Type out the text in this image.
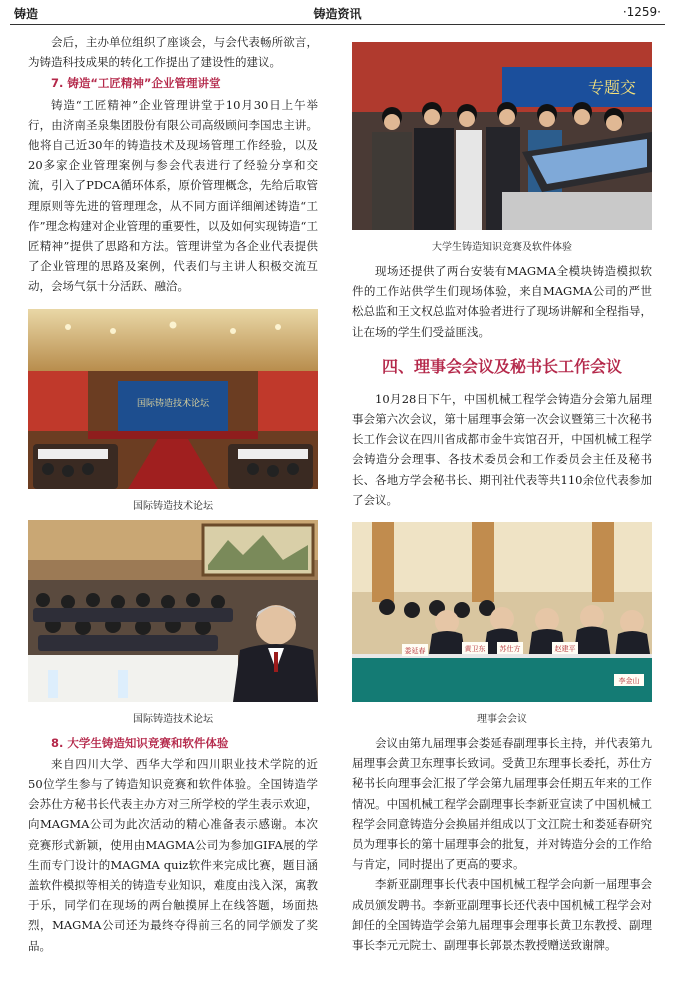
铸造	铸造资讯	·1259·

会后，主办单位组织了座谈会，与会代表畅所欲言，为铸造科技成果的转化工作提出了建设性的建议。

7. 铸造“工匠精神”企业管理讲堂

铸造“工匠精神”企业管理讲堂于10月30日上午举行，由济南圣泉集团股份有限公司高级顾问李国忠主讲。他将自己近30年的铸造技术及现场管理工作经验，以及20多家企业管理案例与参会代表进行了经验分享和交流，引入了PDCA循环体系，原价管理概念，先给后取管理原则等先进的管理理念，从不同方面详细阐述铸造“工作”理念构建对企业管理的重要性，以及如何实现铸造“工匠精神”提供了思路和方法。管理讲堂为各企业代表提供了企业管理的思路及案例，代表们与主讲人积极交流互动，会场气氛十分活跃、融洽。

国际铸造技术论坛
国际铸造技术论坛
国际铸造技术论坛
8. 大学生铸造知识竞赛和软件体验

来自四川大学、西华大学和四川职业技术学院的近50位学生参与了铸造知识竞赛和软件体验。全国铸造学会苏仕方秘书长代表主办方对三所学校的学生表示欢迎，向MAGMA公司为此次活动的精心准备表示感谢。本次竞赛形式新颖，使用由MAGMA公司为参加GIFA展的学生而专门设计的MAGMA quiz软件来完成比赛，题目涵盖软件模拟等相关的铸造专业知识，难度由浅入深，寓教于乐，同学们在现场的两台触摸屏上在线答题，场面热烈，MAGMA公司还为最终夺得前三名的同学颁发了奖品。

专题交
大学生铸造知识竞赛及软件体验

现场还提供了两台安装有MAGMA全模块铸造模拟软件的工作站供学生们现场体验，来自MAGMA公司的严世松总监和王文权总监对体验者进行了现场讲解和全程指导，让在场的学生们受益匪浅。

四、理事会会议及秘书长工作会议

10月28日下午，中国机械工程学会铸造分会第九届理事会第六次会议，第十届理事会第一次会议暨第三十次秘书长工作会议在四川省成都市金牛宾馆召开，中国机械工程学会铸造分会理事、各技术委员会和工作委员会主任及秘书长、各地方学会秘书长、期刊社代表等共110余位代表参加了会议。

娄延春	黄卫东 苏仕方	赵建平
李金山
理事会会议

会议由第九届理事会娄延春副理事长主持，并代表第九届理事会黄卫东理事长致词。受黄卫东理事长委托，苏仕方秘书长向理事会汇报了学会第九届理事会任期五年来的工作情况。中国机械工程学会副理事长李新亚宣读了中国机械工程学会同意铸造分会换届并组成以丁文江院士和娄延春研究员为理事长的第十届理事会的批复，并对铸造分会的工作给与肯定，同时提出了更高的要求。

李新亚副理事长代表中国机械工程学会向新一届理事会成员颁发聘书。李新亚副理事长还代表中国机械工程学会对卸任的全国铸造学会第九届理事会理事长黄卫东教授、副理事长李元元院士、副理事长郭景杰教授赠送致谢牌。
